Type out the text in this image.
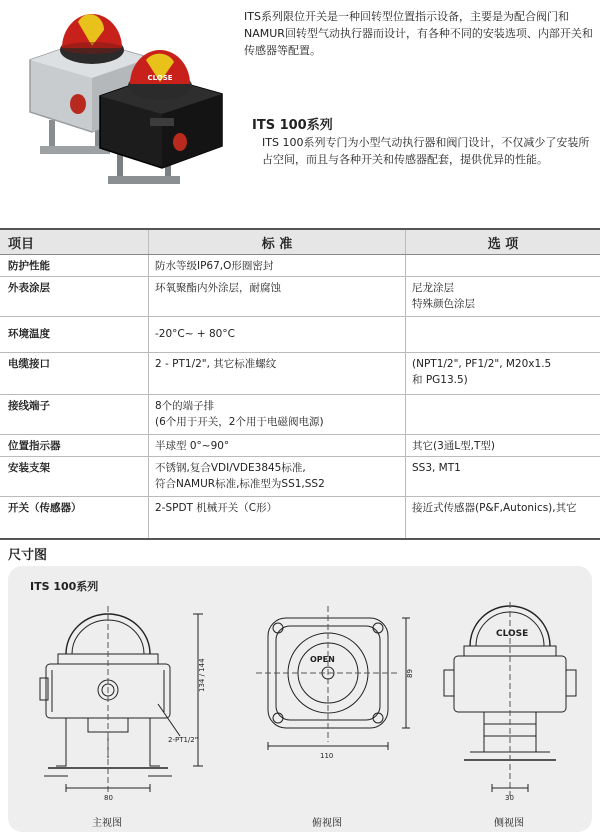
CLOSE
ITS系列限位开关是一种回转型位置指示设备，主要是为配合阀门和NAMUR回转型气动执行器而设计，有各种不同的安装选项、内部开关和传感器等配置。
ITS 100系列
ITS 100系列专门为小型气动执行器和阀门设计，不仅减少了安装所占空间，而且与各种开关和传感器配套，提供优异的性能。
项目	标 准	选 项
防护性能	防水等级IP67,O形圈密封	

外表涂层	环氧聚酯内外涂层，耐腐蚀	尼龙涂层
特殊颜色涂层

环境温度	-20°C~ + 80°C	

电缆接口	2 - PT1/2", 其它标准螺纹	(NPT1/2", PF1/2", M20x1.5
和 PG13.5)

接线端子	8个的端子排
(6个用于开关，2个用于电磁阀电源)	

位置指示器	半球型 0°~90°	其它(3通L型,T型)

安装支架	不锈钢,复合VDI/VDE3845标准,
符合NAMUR标准,标准型为SS1,SS2	SS3, MT1

开关（传感器）	2-SPDT 机械开关（C形）	接近式传感器(P&F,Autonics),其它
尺寸图
ITS 100系列
134 / 144
2-PT1/2"
80
110
89
30
CLOSE
OPEN
主视图	俯视图	侧视图
